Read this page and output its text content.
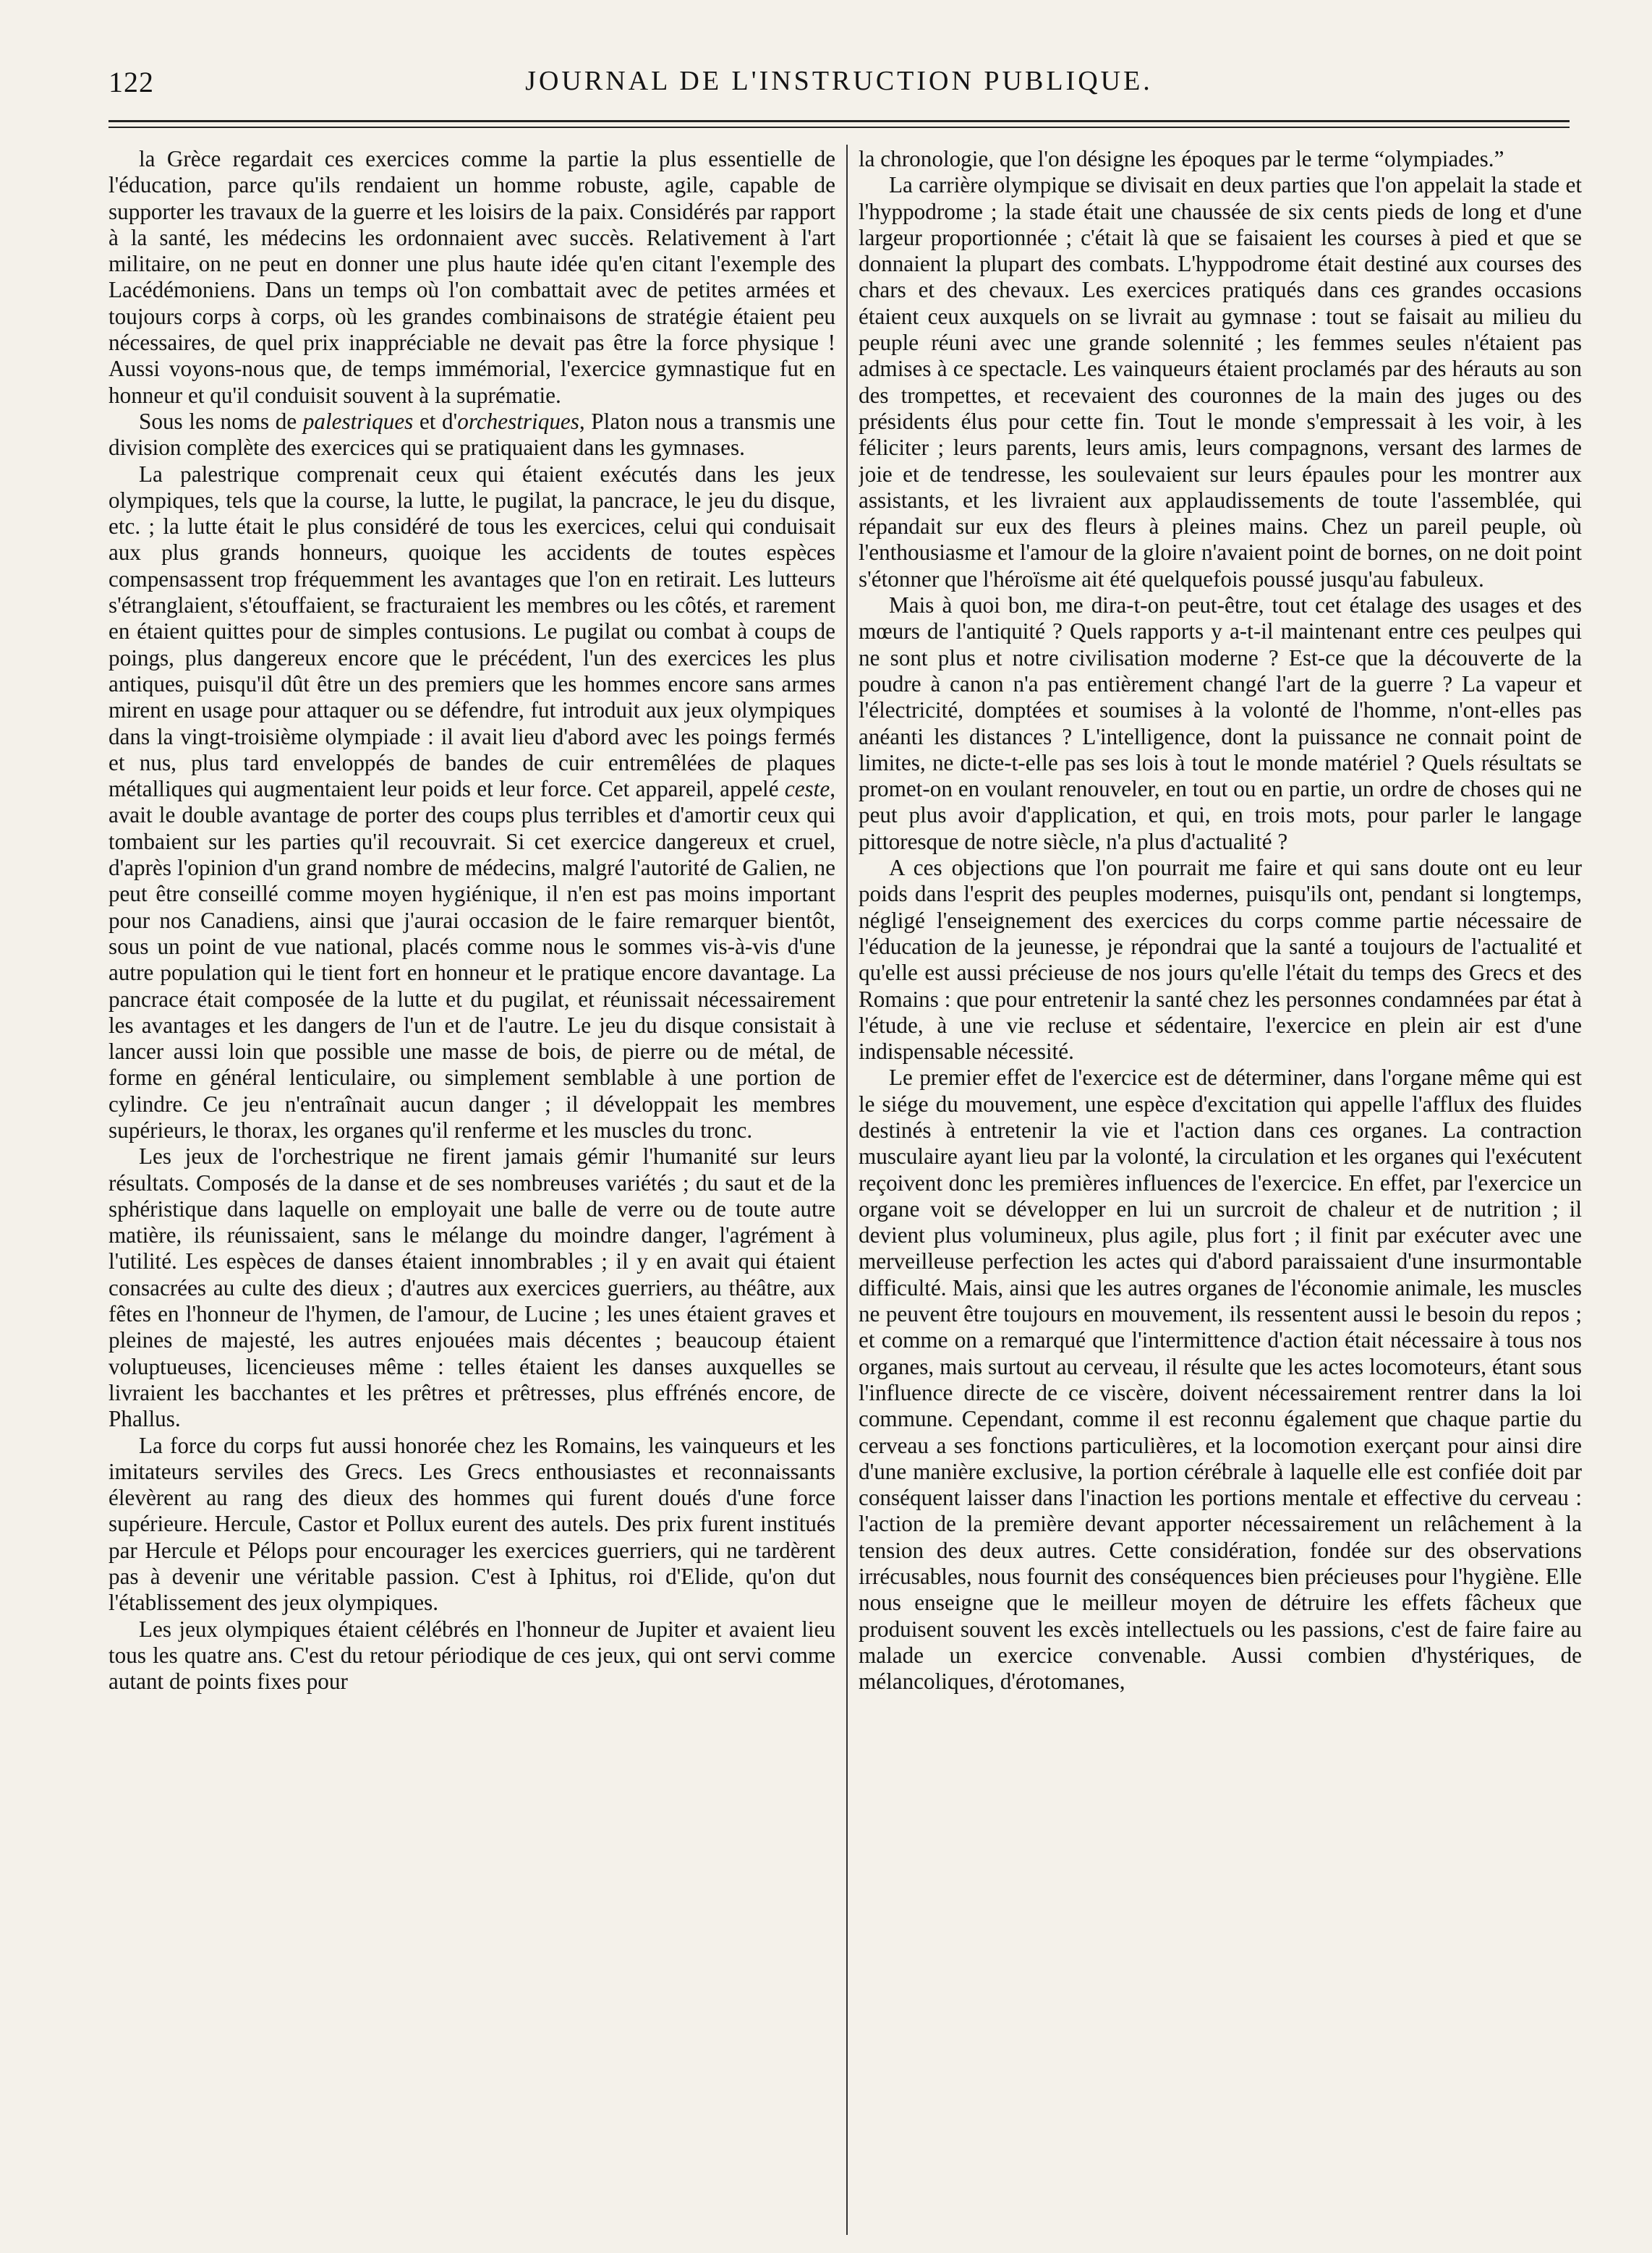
122	JOURNAL DE L'INSTRUCTION PUBLIQUE.

la Grèce regardait ces exercices comme la partie la plus essentielle de l'éducation, parce qu'ils rendaient un homme robuste, agile, capable de supporter les travaux de la guerre et les loisirs de la paix. Considérés par rapport à la santé, les médecins les ordonnaient avec succès. Relativement à l'art militaire, on ne peut en donner une plus haute idée qu'en citant l'exemple des Lacédémoniens. Dans un temps où l'on combattait avec de petites armées et toujours corps à corps, où les grandes combinaisons de stratégie étaient peu nécessaires, de quel prix inappréciable ne devait pas être la force physique ! Aussi voyons-nous que, de temps immémorial, l'exercice gymnastique fut en honneur et qu'il conduisit souvent à la suprématie.

Sous les noms de palestriques et d'orchestriques, Platon nous a transmis une division complète des exercices qui se pratiquaient dans les gymnases.

La palestrique comprenait ceux qui étaient exécutés dans les jeux olympiques, tels que la course, la lutte, le pugilat, la pancrace, le jeu du disque, etc. ; la lutte était le plus considéré de tous les exercices, celui qui conduisait aux plus grands honneurs, quoique les accidents de toutes espèces compensassent trop fréquemment les avantages que l'on en retirait. Les lutteurs s'étranglaient, s'étouffaient, se fracturaient les membres ou les côtés, et rarement en étaient quittes pour de simples contusions. Le pugilat ou combat à coups de poings, plus dangereux encore que le précédent, l'un des exercices les plus antiques, puisqu'il dût être un des premiers que les hommes encore sans armes mirent en usage pour attaquer ou se défendre, fut introduit aux jeux olympiques dans la vingt-troisième olympiade : il avait lieu d'abord avec les poings fermés et nus, plus tard enveloppés de bandes de cuir entremêlées de plaques métalliques qui augmentaient leur poids et leur force. Cet appareil, appelé ceste, avait le double avantage de porter des coups plus terribles et d'amortir ceux qui tombaient sur les parties qu'il recouvrait. Si cet exercice dangereux et cruel, d'après l'opinion d'un grand nombre de médecins, malgré l'autorité de Galien, ne peut être conseillé comme moyen hygiénique, il n'en est pas moins important pour nos Canadiens, ainsi que j'aurai occasion de le faire remarquer bientôt, sous un point de vue national, placés comme nous le sommes vis-à-vis d'une autre population qui le tient fort en honneur et le pratique encore davantage. La pancrace était composée de la lutte et du pugilat, et réunissait nécessairement les avantages et les dangers de l'un et de l'autre. Le jeu du disque consistait à lancer aussi loin que possible une masse de bois, de pierre ou de métal, de forme en général lenticulaire, ou simplement semblable à une portion de cylindre. Ce jeu n'entraînait aucun danger ; il développait les membres supérieurs, le thorax, les organes qu'il renferme et les muscles du tronc.

Les jeux de l'orchestrique ne firent jamais gémir l'humanité sur leurs résultats. Composés de la danse et de ses nombreuses variétés ; du saut et de la sphéristique dans laquelle on employait une balle de verre ou de toute autre matière, ils réunissaient, sans le mélange du moindre danger, l'agrément à l'utilité. Les espèces de danses étaient innombrables ; il y en avait qui étaient consacrées au culte des dieux ; d'autres aux exercices guerriers, au théâtre, aux fêtes en l'honneur de l'hymen, de l'amour, de Lucine ; les unes étaient graves et pleines de majesté, les autres enjouées mais décentes ; beaucoup étaient voluptueuses, licencieuses même : telles étaient les danses auxquelles se livraient les bacchantes et les prêtres et prêtresses, plus effrénés encore, de Phallus.

La force du corps fut aussi honorée chez les Romains, les vainqueurs et les imitateurs serviles des Grecs. Les Grecs enthousiastes et reconnaissants élevèrent au rang des dieux des hommes qui furent doués d'une force supérieure. Hercule, Castor et Pollux eurent des autels. Des prix furent institués par Hercule et Pélops pour encourager les exercices guerriers, qui ne tardèrent pas à devenir une véritable passion. C'est à Iphitus, roi d'Elide, qu'on dut l'établissement des jeux olympiques.

Les jeux olympiques étaient célébrés en l'honneur de Jupiter et avaient lieu tous les quatre ans. C'est du retour périodique de ces jeux, qui ont servi comme autant de points fixes pour

la chronologie, que l'on désigne les époques par le terme “olympiades.”

La carrière olympique se divisait en deux parties que l'on appelait la stade et l'hyppodrome ; la stade était une chaussée de six cents pieds de long et d'une largeur proportionnée ; c'était là que se faisaient les courses à pied et que se donnaient la plupart des combats. L'hyppodrome était destiné aux courses des chars et des chevaux. Les exercices pratiqués dans ces grandes occasions étaient ceux auxquels on se livrait au gymnase : tout se faisait au milieu du peuple réuni avec une grande solennité ; les femmes seules n'étaient pas admises à ce spectacle. Les vainqueurs étaient proclamés par des hérauts au son des trompettes, et recevaient des couronnes de la main des juges ou des présidents élus pour cette fin. Tout le monde s'empressait à les voir, à les féliciter ; leurs parents, leurs amis, leurs compagnons, versant des larmes de joie et de tendresse, les soulevaient sur leurs épaules pour les montrer aux assistants, et les livraient aux applaudissements de toute l'assemblée, qui répandait sur eux des fleurs à pleines mains. Chez un pareil peuple, où l'enthousiasme et l'amour de la gloire n'avaient point de bornes, on ne doit point s'étonner que l'héroïsme ait été quelquefois poussé jusqu'au fabuleux.

Mais à quoi bon, me dira-t-on peut-être, tout cet étalage des usages et des mœurs de l'antiquité ? Quels rapports y a-t-il maintenant entre ces peulpes qui ne sont plus et notre civilisation moderne ? Est-ce que la découverte de la poudre à canon n'a pas entièrement changé l'art de la guerre ? La vapeur et l'électricité, domptées et soumises à la volonté de l'homme, n'ont-elles pas anéanti les distances ? L'intelligence, dont la puissance ne connait point de limites, ne dicte-t-elle pas ses lois à tout le monde matériel ? Quels résultats se promet-on en voulant renouveler, en tout ou en partie, un ordre de choses qui ne peut plus avoir d'application, et qui, en trois mots, pour parler le langage pittoresque de notre siècle, n'a plus d'actualité ?

A ces objections que l'on pourrait me faire et qui sans doute ont eu leur poids dans l'esprit des peuples modernes, puisqu'ils ont, pendant si longtemps, négligé l'enseignement des exercices du corps comme partie nécessaire de l'éducation de la jeunesse, je répondrai que la santé a toujours de l'actualité et qu'elle est aussi précieuse de nos jours qu'elle l'était du temps des Grecs et des Romains : que pour entretenir la santé chez les personnes condamnées par état à l'étude, à une vie recluse et sédentaire, l'exercice en plein air est d'une indispensable nécessité.

Le premier effet de l'exercice est de déterminer, dans l'organe même qui est le siége du mouvement, une espèce d'excitation qui appelle l'afflux des fluides destinés à entretenir la vie et l'action dans ces organes. La contraction musculaire ayant lieu par la volonté, la circulation et les organes qui l'exécutent reçoivent donc les premières influences de l'exercice. En effet, par l'exercice un organe voit se développer en lui un surcroit de chaleur et de nutrition ; il devient plus volumineux, plus agile, plus fort ; il finit par exécuter avec une merveilleuse perfection les actes qui d'abord paraissaient d'une insurmontable difficulté. Mais, ainsi que les autres organes de l'économie animale, les muscles ne peuvent être toujours en mouvement, ils ressentent aussi le besoin du repos ; et comme on a remarqué que l'intermittence d'action était nécessaire à tous nos organes, mais surtout au cerveau, il résulte que les actes locomoteurs, étant sous l'influence directe de ce viscère, doivent nécessairement rentrer dans la loi commune. Cependant, comme il est reconnu également que chaque partie du cerveau a ses fonctions particulières, et la locomotion exerçant pour ainsi dire d'une manière exclusive, la portion cérébrale à laquelle elle est confiée doit par conséquent laisser dans l'inaction les portions mentale et effective du cerveau : l'action de la première devant apporter nécessairement un relâchement à la tension des deux autres. Cette considération, fondée sur des observations irrécusables, nous fournit des conséquences bien précieuses pour l'hygiène. Elle nous enseigne que le meilleur moyen de détruire les effets fâcheux que produisent souvent les excès intellectuels ou les passions, c'est de faire faire au malade un exercice convenable. Aussi combien d'hystériques, de mélancoliques, d'érotomanes,
